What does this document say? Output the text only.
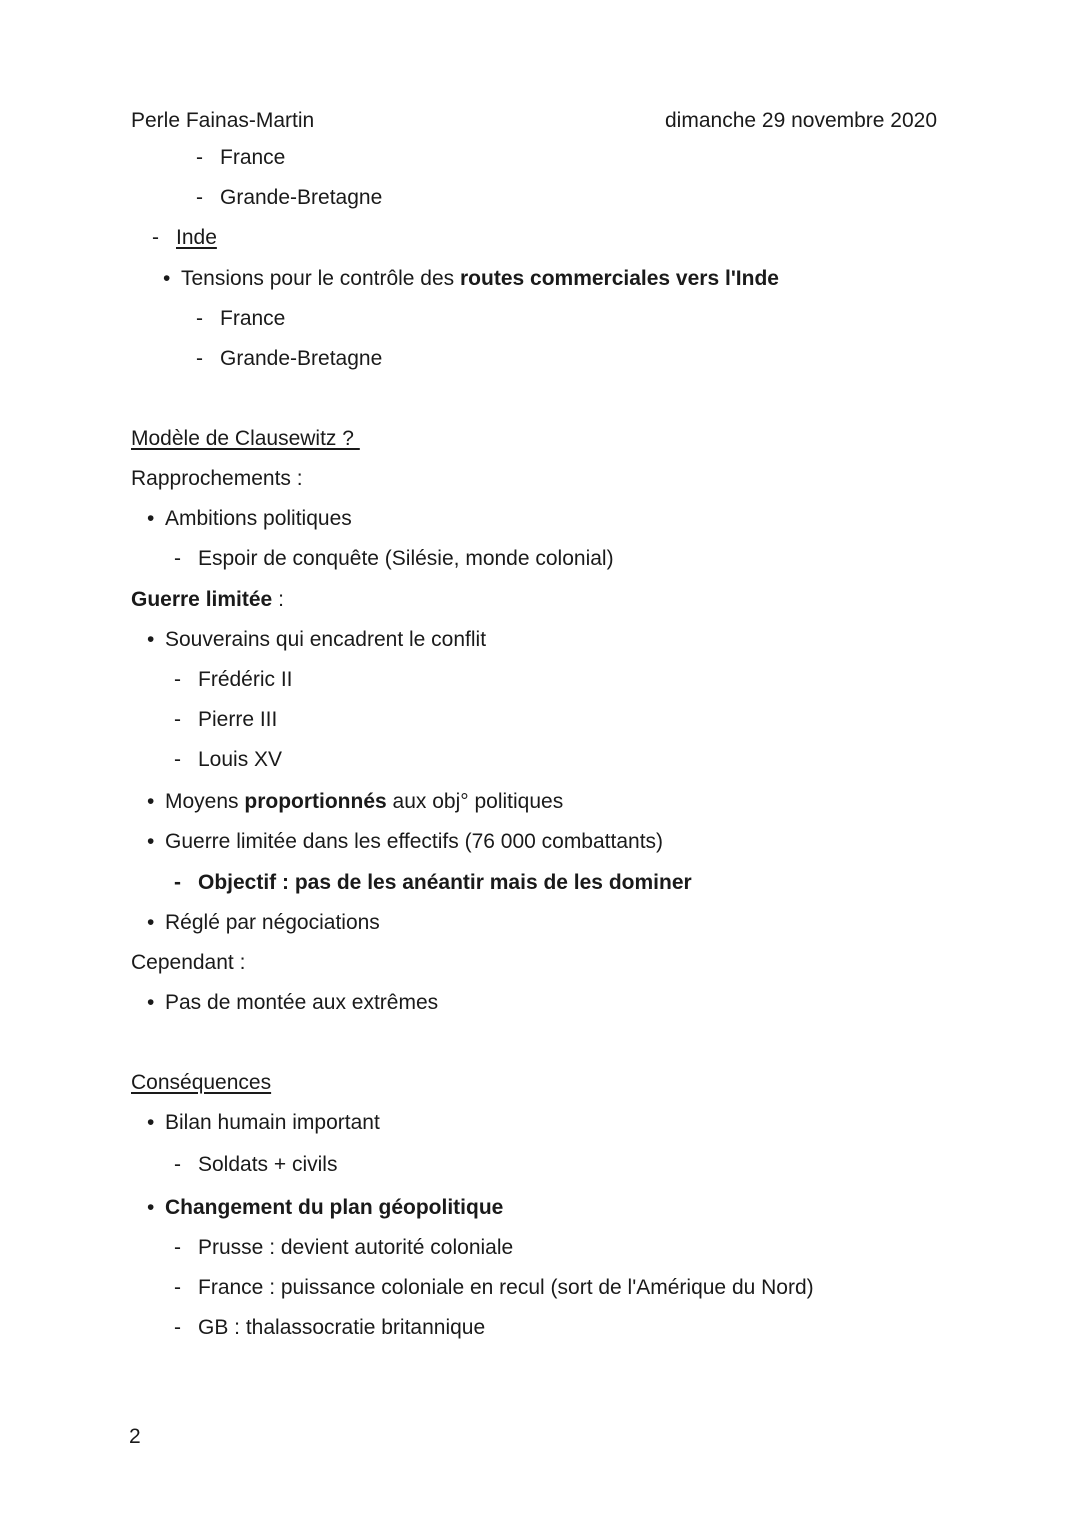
Perle Fainas-Martin	dimanche 29 novembre 2020
- France
- Grande-Bretagne
- Inde
• Tensions pour le contrôle des routes commerciales vers l'Inde
- France
- Grande-Bretagne
Modèle de Clausewitz ?
Rapprochements :
• Ambitions politiques
- Espoir de conquête (Silésie, monde colonial)
Guerre limitée :
• Souverains qui encadrent le conflit
- Frédéric II
- Pierre III
- Louis XV
• Moyens proportionnés aux obj° politiques
• Guerre limitée dans les effectifs (76 000 combattants)
- Objectif : pas de les anéantir mais de les dominer
• Réglé par négociations
Cependant :
• Pas de montée aux extrêmes
Conséquences
• Bilan humain important
- Soldats + civils
• Changement du plan géopolitique
- Prusse : devient autorité coloniale
- France : puissance coloniale en recul (sort de l'Amérique du Nord)
- GB : thalassocratie britannique
2
